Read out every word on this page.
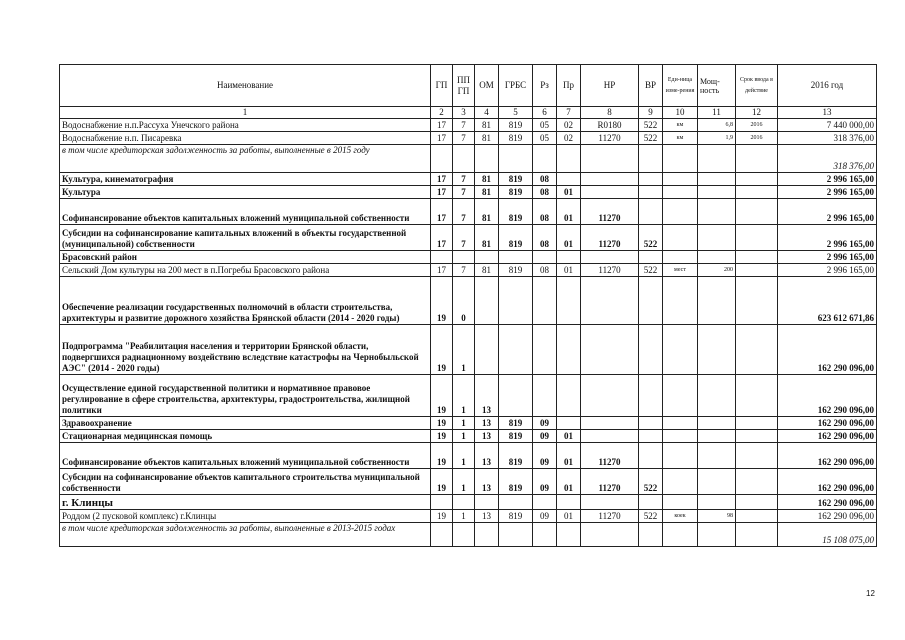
Наименование	ГП	ППГП	ОМ	ГРБС	Рз	Пр	НР	ВР	Еди-ница изме-рения	Мощ-ность	Срок ввода в действие	2016 год
1	2	3	4	5	6	7	8	9	10	11	12	13
Водоснабжение н.п.Рассуха Унечского района	17	7	81	819	05	02	R0180	522	км	6,8	2016	7 440 000,00
Водоснабжение н.п. Писаревка	17	7	81	819	05	02	11270	522	км	1,9	2016	318 376,00
в том числе кредиторская задолженность за работы, выполненные в 2015 году												318 376,00
Культура, кинематография	17	7	81	819	08							2 996 165,00
Культура	17	7	81	819	08	01						2 996 165,00
Софинансирование объектов капитальных вложений муниципальной собственности	17	7	81	819	08	01	11270					2 996 165,00
Субсидии на софинансирование капитальных вложений в объекты государственной (муниципальной) собственности	17	7	81	819	08	01	11270	522				2 996 165,00
Брасовский район												2 996 165,00
Сельский Дом культуры на 200 мест в п.Погребы Брасовского района	17	7	81	819	08	01	11270	522	мест	200		2 996 165,00
Обеспечение реализации государственных полномочий в области строительства, архитектуры и развитие дорожного хозяйства Брянской области (2014 - 2020 годы)	19	0										623 612 671,86
Подпрограмма "Реабилитация населения и территории Брянской области, подвергшихся радиационному воздействию вследствие катастрофы на Чернобыльской АЭС" (2014 - 2020 годы)	19	1										162 290 096,00
Осуществление единой государственной политики и нормативное правовое регулирование в сфере строительства, архитектуры, градостроительства, жилищной политики	19	1	13									162 290 096,00
Здравоохранение	19	1	13	819	09							162 290 096,00
Стационарная медицинская помощь	19	1	13	819	09	01						162 290 096,00
Софинансирование объектов капитальных вложений муниципальной собственности	19	1	13	819	09	01	11270					162 290 096,00
Субсидии на софинансирование объектов капитального строительства муниципальной собственности	19	1	13	819	09	01	11270	522				162 290 096,00
г. Клинцы												162 290 096,00
Роддом (2 пусковой комплекс) г.Клинцы	19	1	13	819	09	01	11270	522	коек	98		162 290 096,00
в том числе кредиторская задолженность за работы, выполненные в 2013-2015 годах												15 108 075,00
12
